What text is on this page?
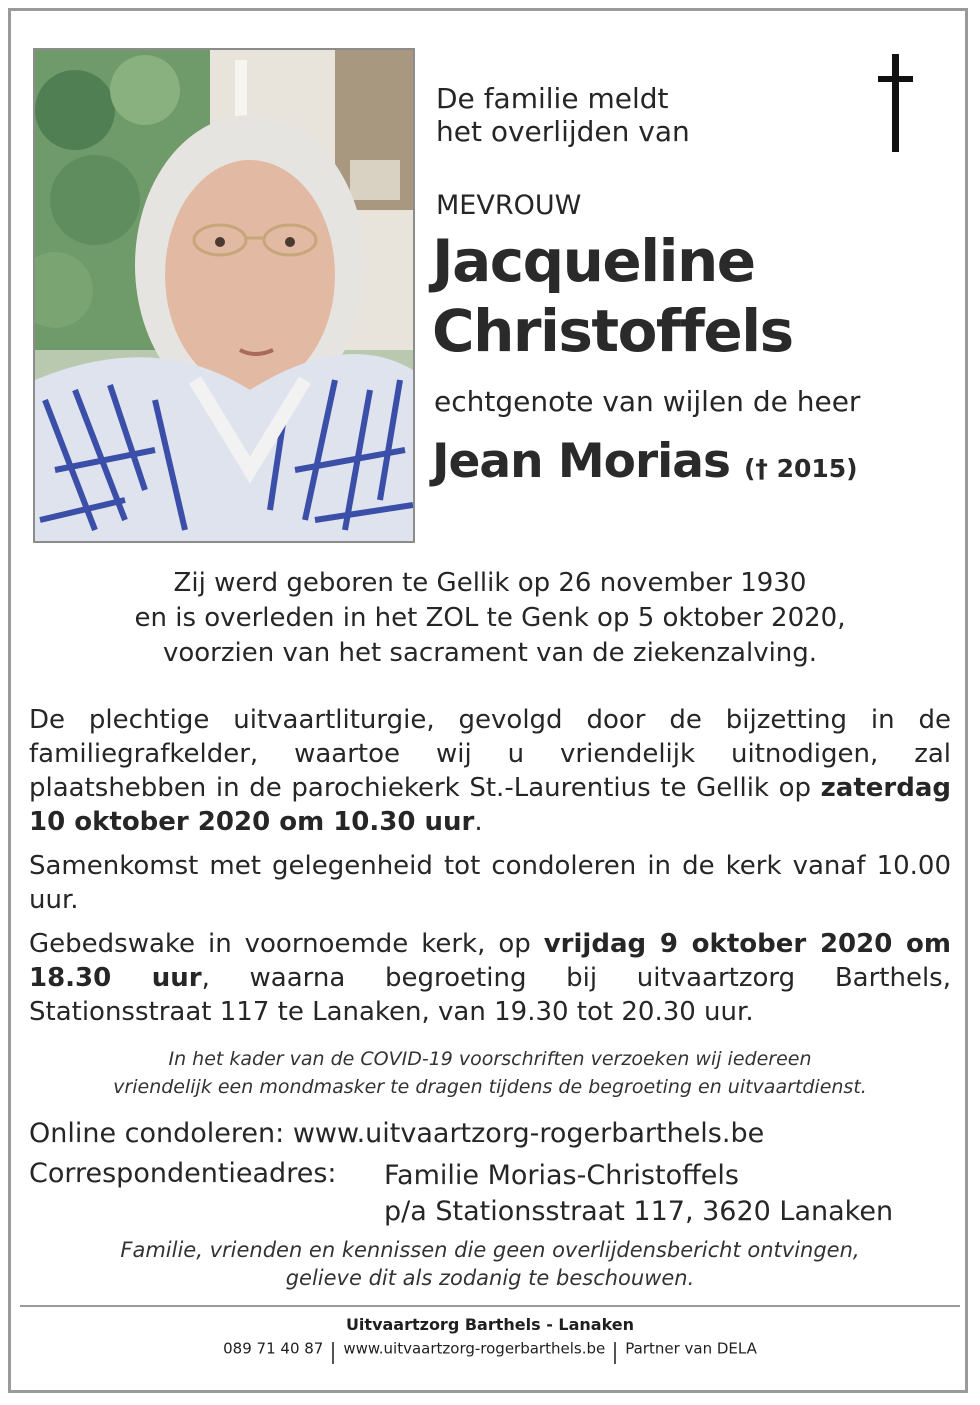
De familie meldt
het overlijden van
MEVROUW
Jacqueline
Christoffels
echtgenote van wijlen de heer
Jean Morias († 2015)
Zij werd geboren te Gellik op 26 november 1930
en is overleden in het ZOL te Genk op 5 oktober 2020,
voorzien van het sacrament van de ziekenzalving.
De plechtige uitvaartliturgie, gevolgd door de bijzetting in de familiegrafkelder, waartoe wij u vriendelijk uitnodigen, zal plaatshebben in de parochiekerk St.-Laurentius te Gellik op zaterdag 10 oktober 2020 om 10.30 uur.
Samenkomst met gelegenheid tot condoleren in de kerk vanaf 10.00 uur.
Gebedswake in voornoemde kerk, op vrijdag 9 oktober 2020 om 18.30 uur, waarna begroeting bij uitvaartzorg Barthels, Stationsstraat 117 te Lanaken, van 19.30 tot 20.30 uur.
In het kader van de COVID-19 voorschriften verzoeken wij iedereen
vriendelijk een mondmasker te dragen tijdens de begroeting en uitvaartdienst.
Online condoleren: www.uitvaartzorg-rogerbarthels.be
Correspondentieadres: Familie Morias-Christoffels
p/a Stationsstraat 117, 3620 Lanaken
Familie, vrienden en kennissen die geen overlijdensbericht ontvingen,
gelieve dit als zodanig te beschouwen.
Uitvaartzorg Barthels - Lanaken
089 71 40 87 www.uitvaartzorg-rogerbarthels.be Partner van DELA
